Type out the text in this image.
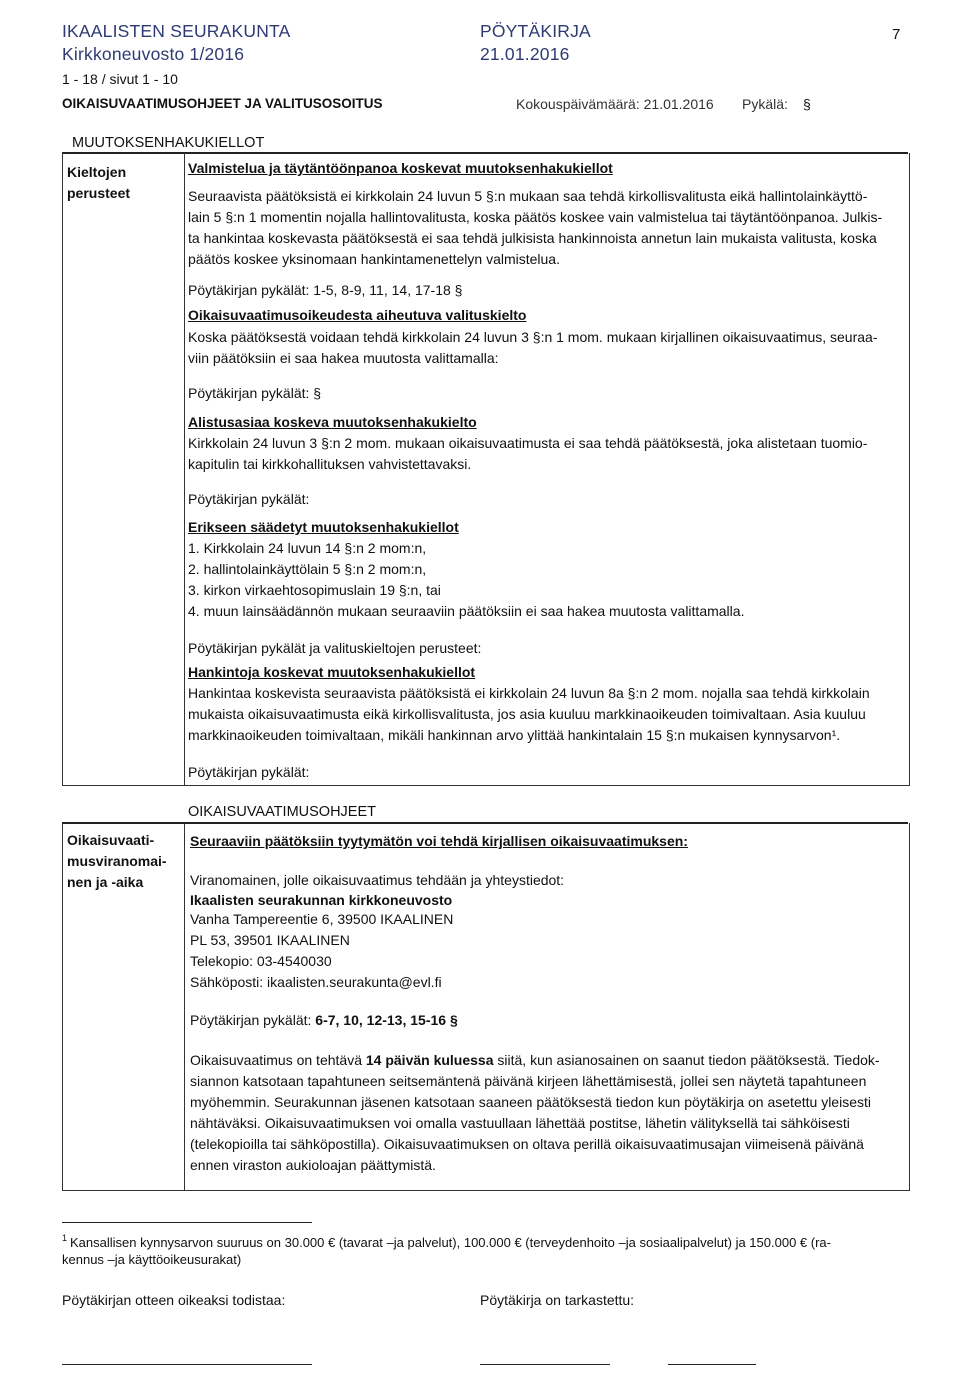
IKAALISTEN SEURAKUNTA	PÖYTÄKIRJA	7
Kirkkoneuvosto 1/2016	21.01.2016
1 - 18 / sivut 1 - 10
OIKAISUVAATIMUSOHJEET JA VALITUSOSOITUS	Kokouspäivämäärä: 21.01.2016 Pykälä: §
MUUTOKSENHAKUKIELLOT
Kieltojen
perusteet
Valmistelua ja täytäntöönpanoa koskevat muutoksenhakukiellot
Seuraavista päätöksistä ei kirkkolain 24 luvun 5 §:n mukaan saa tehdä kirkollisvalitusta eikä hallintolainkäyttö-
lain 5 §:n 1 momentin nojalla hallintovalitusta, koska päätös koskee vain valmistelua tai täytäntöönpanoa. Julkis-
ta hankintaa koskevasta päätöksestä ei saa tehdä julkisista hankinnoista annetun lain mukaista valitusta, koska
päätös koskee yksinomaan hankintamenettelyn valmistelua.
Pöytäkirjan pykälät: 1-5, 8-9, 11, 14, 17-18 §
Oikaisuvaatimusoikeudesta aiheutuva valituskielto
Koska päätöksestä voidaan tehdä kirkkolain 24 luvun 3 §:n 1 mom. mukaan kirjallinen oikaisuvaatimus, seuraa-
viin päätöksiin ei saa hakea muutosta valittamalla:
Pöytäkirjan pykälät: §
Alistusasiaa koskeva muutoksenhakukielto
Kirkkolain 24 luvun 3 §:n 2 mom. mukaan oikaisuvaatimusta ei saa tehdä päätöksestä, joka alistetaan tuomio-
kapitulin tai kirkkohallituksen vahvistettavaksi.
Pöytäkirjan pykälät:
Erikseen säädetyt muutoksenhakukiellot
1. Kirkkolain 24 luvun 14 §:n 2 mom:n,
2. hallintolainkäyttölain 5 §:n 2 mom:n,
3. kirkon virkaehtosopimuslain 19 §:n, tai
4. muun lainsäädännön mukaan seuraaviin päätöksiin ei saa hakea muutosta valittamalla.
Pöytäkirjan pykälät ja valituskieltojen perusteet:
Hankintoja koskevat muutoksenhakukiellot
Hankintaa koskevista seuraavista päätöksistä ei kirkkolain 24 luvun 8a §:n 2 mom. nojalla saa tehdä kirkkolain
mukaista oikaisuvaatimusta eikä kirkollisvalitusta, jos asia kuuluu markkinaoikeuden toimivaltaan. Asia kuuluu
markkinaoikeuden toimivaltaan, mikäli hankinnan arvo ylittää hankintalain 15 §:n mukaisen kynnysarvon¹.
Pöytäkirjan pykälät:
OIKAISUVAATIMUSOHJEET
Oikaisuvaati-
musviranomai-
nen ja -aika
Seuraaviin päätöksiin tyytymätön voi tehdä kirjallisen oikaisuvaatimuksen:
Viranomainen, jolle oikaisuvaatimus tehdään ja yhteystiedot:
Ikaalisten seurakunnan kirkkoneuvosto
Vanha Tampereentie 6, 39500 IKAALINEN
PL 53, 39501 IKAALINEN
Telekopio: 03-4540030
Sähköposti: ikaalisten.seurakunta@evl.fi
Pöytäkirjan pykälät: 6-7, 10, 12-13, 15-16 §
Oikaisuvaatimus on tehtävä 14 päivän kuluessa siitä, kun asianosainen on saanut tiedon päätöksestä. Tiedok-
siannon katsotaan tapahtuneen seitsemäntenä päivänä kirjeen lähettämisestä, jollei sen näytetä tapahtuneen
myöhemmin. Seurakunnan jäsenen katsotaan saaneen päätöksestä tiedon kun pöytäkirja on asetettu yleisesti
nähtäväksi. Oikaisuvaatimuksen voi omalla vastuullaan lähettää postitse, lähetin välityksellä tai sähköisesti
(telekopioilla tai sähköpostilla). Oikaisuvaatimuksen on oltava perillä oikaisuvaatimusajan viimeisenä päivänä
ennen viraston aukioloajan päättymistä.
1 Kansallisen kynnysarvon suuruus on 30.000 € (tavarat –ja palvelut), 100.000 € (terveydenhoito –ja sosiaalipalvelut) ja 150.000 € (ra-
kennus –ja käyttöoikeusurakat)
Pöytäkirjan otteen oikeaksi todistaa:	Pöytäkirja on tarkastettu:
